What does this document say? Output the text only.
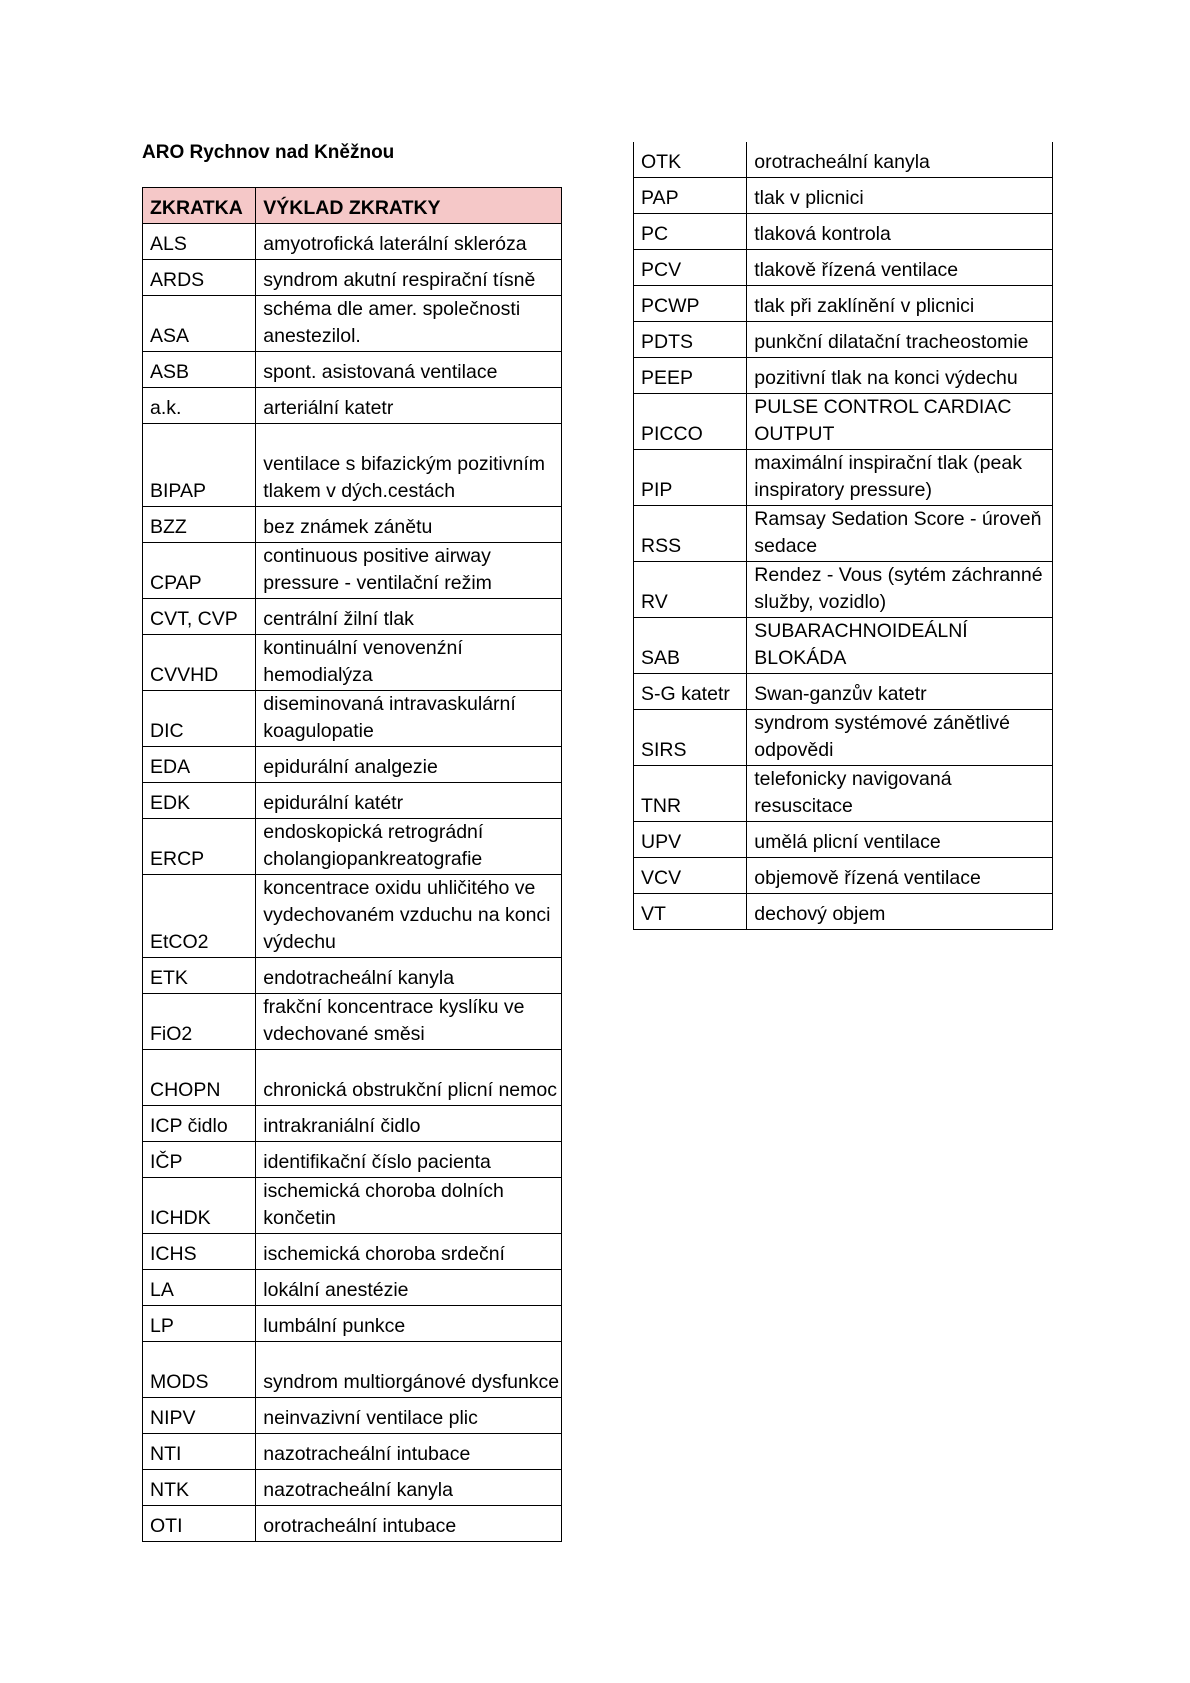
ARO Rychnov nad Kněžnou
ZKRATKA	VÝKLAD ZKRATKY
ALS	amyotrofická laterální skleróza
ARDS	syndrom akutní respirační tísně
ASA	schéma dle amer. společnosti anestezilol.
ASB	spont. asistovaná ventilace
a.k.	arteriální katetr
BIPAP	ventilace s bifazickým pozitivním tlakem v dých.cestách
BZZ	bez známek zánětu
CPAP	continuous positive airway pressure - ventilační režim
CVT, CVP	centrální žilní tlak
CVVHD	kontinuální venovenźní hemodialýza
DIC	diseminovaná intravaskulární koagulopatie
EDA	epidurální analgezie
EDK	epidurální katétr
ERCP	endoskopická retrográdní cholangiopankreatografie
EtCO2	koncentrace oxidu uhličitého ve vydechovaném vzduchu na konci výdechu
ETK	endotracheální kanyla
FiO2	frakční koncentrace kyslíku ve vdechované směsi
CHOPN	chronická obstrukční plicní nemoc
ICP čidlo	intrakraniální čidlo
IČP	identifikační číslo pacienta
ICHDK	ischemická choroba dolních končetin
ICHS	ischemická choroba srdeční
LA	lokální anestézie
LP	lumbální punkce
MODS	syndrom multiorgánové dysfunkce
NIPV	neinvazivní ventilace plic
NTI	nazotracheální intubace
NTK	nazotracheální kanyla
OTI	orotracheální intubace
OTK	orotracheální kanyla
PAP	tlak v plicnici
PC	tlaková kontrola
PCV	tlakově řízená ventilace
PCWP	tlak při zaklínění v plicnici
PDTS	punkční dilatační tracheostomie
PEEP	pozitivní tlak na konci výdechu
PICCO	PULSE CONTROL CARDIAC OUTPUT
PIP	maximální inspirační tlak (peak inspiratory pressure)
RSS	Ramsay Sedation Score - úroveň sedace
RV	Rendez - Vous (sytém záchranné služby, vozidlo)
SAB	SUBARACHNOIDEÁLNÍ BLOKÁDA
S-G katetr	Swan-ganzův katetr
SIRS	syndrom systémové zánětlivé odpovědi
TNR	telefonicky navigovaná resuscitace
UPV	umělá plicní ventilace
VCV	objemově řízená ventilace
VT	dechový objem
